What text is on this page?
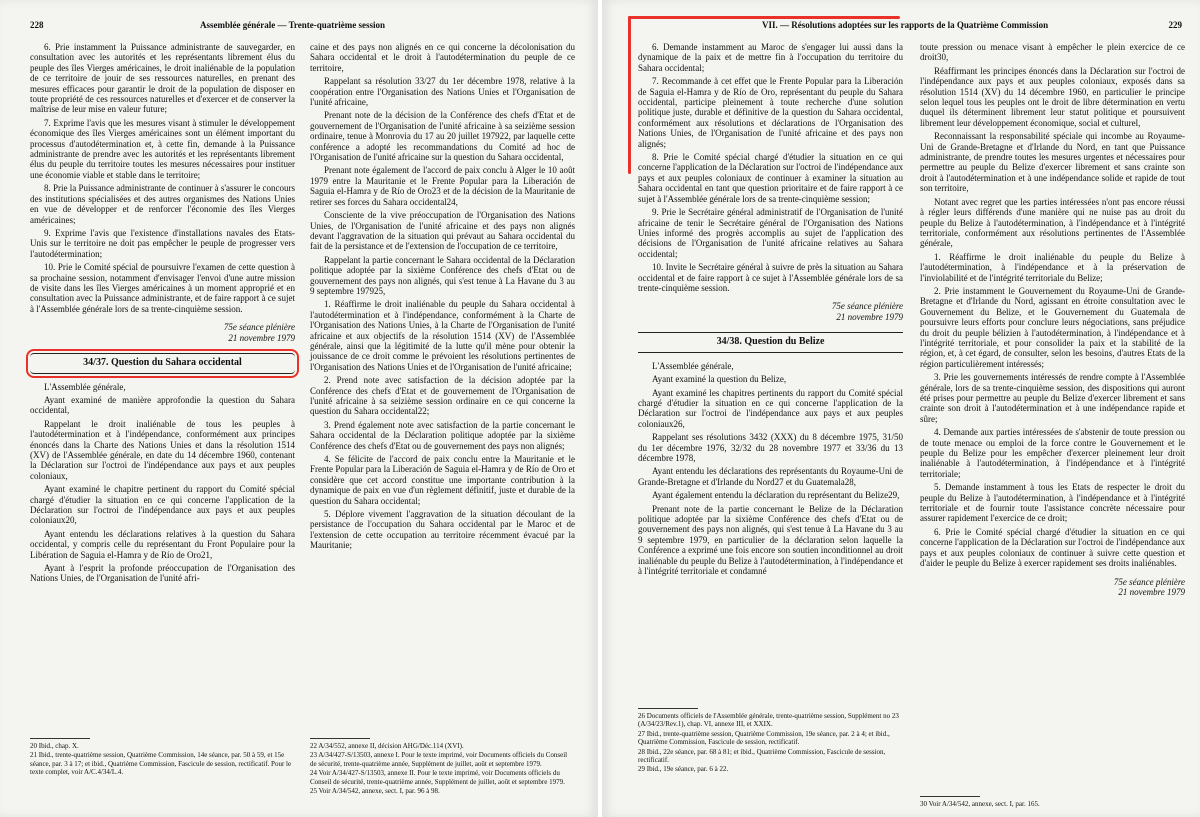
228	Assemblée générale — Trente-quatrième session

6. Prie instamment la Puissance administrante de sauvegarder, en consultation avec les autorités et les représentants librement élus du peuple des îles Vierges américaines, le droit inaliénable de la population de ce territoire de jouir de ses ressources naturelles, en prenant des mesures efficaces pour garantir le droit de la population de disposer en toute propriété de ces ressources naturelles et d'exercer et de conserver la maîtrise de leur mise en valeur future;

7. Exprime l'avis que les mesures visant à stimuler le développement économique des îles Vierges américaines sont un élément important du processus d'autodétermination et, à cette fin, demande à la Puissance administrante de prendre avec les autorités et les représentants librement élus du peuple du territoire toutes les mesures nécessaires pour instituer une économie viable et stable dans le territoire;

8. Prie la Puissance administrante de continuer à s'assurer le concours des institutions spécialisées et des autres organismes des Nations Unies en vue de développer et de renforcer l'économie des îles Vierges américaines;

9. Exprime l'avis que l'existence d'installations navales des Etats-Unis sur le territoire ne doit pas empêcher le peuple de progresser vers l'autodétermination;

10. Prie le Comité spécial de poursuivre l'examen de cette question à sa prochaine session, notamment d'envisager l'envoi d'une autre mission de visite dans les îles Vierges américaines à un moment approprié et en consultation avec la Puissance administrante, et de faire rapport à ce sujet à l'Assemblée générale lors de sa trente-cinquième session.

75e séance plénière
21 novembre 1979
34/37. Question du Sahara occidental

L'Assemblée générale,

Ayant examiné de manière approfondie la question du Sahara occidental,

Rappelant le droit inaliénable de tous les peuples à l'autodétermination et à l'indépendance, conformément aux principes énoncés dans la Charte des Nations Unies et dans la résolution 1514 (XV) de l'Assemblée générale, en date du 14 décembre 1960, contenant la Déclaration sur l'octroi de l'indépendance aux pays et aux peuples coloniaux,

Ayant examiné le chapitre pertinent du rapport du Comité spécial chargé d'étudier la situation en ce qui concerne l'application de la Déclaration sur l'octroi de l'indépendance aux pays et aux peuples coloniaux20,

Ayant entendu les déclarations relatives à la question du Sahara occidental, y compris celle du représentant du Front Populaire pour la Libération de Saguia el-Hamra y de Río de Oro21,

Ayant à l'esprit la profonde préoccupation de l'Organisation des Nations Unies, de l'Organisation de l'unité afri-

caine et des pays non alignés en ce qui concerne la décolonisation du Sahara occidental et le droit à l'autodétermination du peuple de ce territoire,

Rappelant sa résolution 33/27 du 1er décembre 1978, relative à la coopération entre l'Organisation des Nations Unies et l'Organisation de l'unité africaine,

Prenant note de la décision de la Conférence des chefs d'Etat et de gouvernement de l'Organisation de l'unité africaine à sa seizième session ordinaire, tenue à Monrovia du 17 au 20 juillet 197922, par laquelle cette conférence a adopté les recommandations du Comité ad hoc de l'Organisation de l'unité africaine sur la question du Sahara occidental,

Prenant note également de l'accord de paix conclu à Alger le 10 août 1979 entre la Mauritanie et le Frente Popular para la Liberación de Saguia el-Hamra y de Río de Oro23 et de la décision de la Mauritanie de retirer ses forces du Sahara occidental24,

Consciente de la vive préoccupation de l'Organisation des Nations Unies, de l'Organisation de l'unité africaine et des pays non alignés devant l'aggravation de la situation qui prévaut au Sahara occidental du fait de la persistance et de l'extension de l'occupation de ce territoire,

Rappelant la partie concernant le Sahara occidental de la Déclaration politique adoptée par la sixième Conférence des chefs d'Etat ou de gouvernement des pays non alignés, qui s'est tenue à La Havane du 3 au 9 septembre 197925,

1. Réaffirme le droit inaliénable du peuple du Sahara occidental à l'autodétermination et à l'indépendance, conformément à la Charte de l'Organisation des Nations Unies, à la Charte de l'Organisation de l'unité africaine et aux objectifs de la résolution 1514 (XV) de l'Assemblée générale, ainsi que la légitimité de la lutte qu'il mène pour obtenir la jouissance de ce droit comme le prévoient les résolutions pertinentes de l'Organisation des Nations Unies et de l'Organisation de l'unité africaine;

2. Prend note avec satisfaction de la décision adoptée par la Conférence des chefs d'Etat et de gouvernement de l'Organisation de l'unité africaine à sa seizième session ordinaire en ce qui concerne la question du Sahara occidental22;

3. Prend également note avec satisfaction de la partie concernant le Sahara occidental de la Déclaration politique adoptée par la sixième Conférence des chefs d'Etat ou de gouvernement des pays non alignés;

4. Se félicite de l'accord de paix conclu entre la Mauritanie et le Frente Popular para la Liberación de Saguia el-Hamra y de Río de Oro et considère que cet accord constitue une importante contribution à la dynamique de paix en vue d'un règlement définitif, juste et durable de la question du Sahara occidental;

5. Déplore vivement l'aggravation de la situation découlant de la persistance de l'occupation du Sahara occidental par le Maroc et de l'extension de cette occupation au territoire récemment évacué par la Mauritanie;

20 Ibid., chap. X.

21 Ibid., trente-quatrième session, Quatrième Commission, 14e séance, par. 50 à 59, et 15e séance, par. 3 à 17; et ibid., Quatrième Commission, Fascicule de session, rectificatif. Pour le texte complet, voir A/C.4/34/L.4.

22 A/34/552, annexe II, décision AHG/Déc.114 (XVI).

23 A/34/427-S/13503, annexe I. Pour le texte imprimé, voir Documents officiels du Conseil de sécurité, trente-quatrième année, Supplément de juillet, août et septembre 1979.

24 Voir A/34/427-S/13503, annexe II. Pour le texte imprimé, voir Documents officiels du Conseil de sécurité, trente-quatrième année, Supplément de juillet, août et septembre 1979.

25 Voir A/34/542, annexe, sect. I, par. 96 à 98.

VII. — Résolutions adoptées sur les rapports de la Quatrième Commission	229

6. Demande instamment au Maroc de s'engager lui aussi dans la dynamique de la paix et de mettre fin à l'occupation du territoire du Sahara occidental;

7. Recommande à cet effet que le Frente Popular para la Liberación de Saguia el-Hamra y de Río de Oro, représentant du peuple du Sahara occidental, participe pleinement à toute recherche d'une solution politique juste, durable et définitive de la question du Sahara occidental, conformément aux résolutions et déclarations de l'Organisation des Nations Unies, de l'Organisation de l'unité africaine et des pays non alignés;

8. Prie le Comité spécial chargé d'étudier la situation en ce qui concerne l'application de la Déclaration sur l'octroi de l'indépendance aux pays et aux peuples coloniaux de continuer à examiner la situation au Sahara occidental en tant que question prioritaire et de faire rapport à ce sujet à l'Assemblée générale lors de sa trente-cinquième session;

9. Prie le Secrétaire général administratif de l'Organisation de l'unité africaine de tenir le Secrétaire général de l'Organisation des Nations Unies informé des progrès accomplis au sujet de l'application des décisions de l'Organisation de l'unité africaine relatives au Sahara occidental;

10. Invite le Secrétaire général à suivre de près la situation au Sahara occidental et de faire rapport à ce sujet à l'Assemblée générale lors de sa trente-cinquième session.

75e séance plénière
21 novembre 1979
34/38. Question du Belize

L'Assemblée générale,

Ayant examiné la question du Belize,

Ayant examiné les chapitres pertinents du rapport du Comité spécial chargé d'étudier la situation en ce qui concerne l'application de la Déclaration sur l'octroi de l'indépendance aux pays et aux peuples coloniaux26,

Rappelant ses résolutions 3432 (XXX) du 8 décembre 1975, 31/50 du 1er décembre 1976, 32/32 du 28 novembre 1977 et 33/36 du 13 décembre 1978,

Ayant entendu les déclarations des représentants du Royaume-Uni de Grande-Bretagne et d'Irlande du Nord27 et du Guatemala28,

Ayant également entendu la déclaration du représentant du Belize29,

Prenant note de la partie concernant le Belize de la Déclaration politique adoptée par la sixième Conférence des chefs d'Etat ou de gouvernement des pays non alignés, qui s'est tenue à La Havane du 3 au 9 septembre 1979, en particulier de la déclaration selon laquelle la Conférence a exprimé une fois encore son soutien inconditionnel au droit inaliénable du peuple du Belize à l'autodétermination, à l'indépendance et à l'intégrité territoriale et condamné

toute pression ou menace visant à empêcher le plein exercice de ce droit30,

Réaffirmant les principes énoncés dans la Déclaration sur l'octroi de l'indépendance aux pays et aux peuples coloniaux, exposés dans sa résolution 1514 (XV) du 14 décembre 1960, en particulier le principe selon lequel tous les peuples ont le droit de libre détermination en vertu duquel ils déterminent librement leur statut politique et poursuivent librement leur développement économique, social et culturel,

Reconnaissant la responsabilité spéciale qui incombe au Royaume-Uni de Grande-Bretagne et d'Irlande du Nord, en tant que Puissance administrante, de prendre toutes les mesures urgentes et nécessaires pour permettre au peuple du Belize d'exercer librement et sans crainte son droit à l'autodétermination et à une indépendance solide et rapide de tout son territoire,

Notant avec regret que les parties intéressées n'ont pas encore réussi à régler leurs différends d'une manière qui ne nuise pas au droit du peuple du Belize à l'autodétermination, à l'indépendance et à l'intégrité territoriale, conformément aux résolutions pertinentes de l'Assemblée générale,

1. Réaffirme le droit inaliénable du peuple du Belize à l'autodétermination, à l'indépendance et à la préservation de l'inviolabilité et de l'intégrité territoriale du Belize;

2. Prie instamment le Gouvernement du Royaume-Uni de Grande-Bretagne et d'Irlande du Nord, agissant en étroite consultation avec le Gouvernement du Belize, et le Gouvernement du Guatemala de poursuivre leurs efforts pour conclure leurs négociations, sans préjudice du droit du peuple bélizien à l'autodétermination, à l'indépendance et à l'intégrité territoriale, et pour consolider la paix et la stabilité de la région, et, à cet égard, de consulter, selon les besoins, d'autres Etats de la région particulièrement intéressés;

3. Prie les gouvernements intéressés de rendre compte à l'Assemblée générale, lors de sa trente-cinquième session, des dispositions qui auront été prises pour permettre au peuple du Belize d'exercer librement et sans crainte son droit à l'autodétermination et à une indépendance rapide et sûre;

4. Demande aux parties intéressées de s'abstenir de toute pression ou de toute menace ou emploi de la force contre le Gouvernement et le peuple du Belize pour les empêcher d'exercer pleinement leur droit inaliénable à l'autodétermination, à l'indépendance et à l'intégrité territoriale;

5. Demande instamment à tous les Etats de respecter le droit du peuple du Belize à l'autodétermination, à l'indépendance et à l'intégrité territoriale et de fournir toute l'assistance concrète nécessaire pour assurer rapidement l'exercice de ce droit;

6. Prie le Comité spécial chargé d'étudier la situation en ce qui concerne l'application de la Déclaration sur l'octroi de l'indépendance aux pays et aux peuples coloniaux de continuer à suivre cette question et d'aider le peuple du Belize à exercer rapidement ses droits inaliénables.

75e séance plénière
21 novembre 1979

26 Documents officiels de l'Assemblée générale, trente-quatrième session, Supplément no 23 (A/34/23/Rev.1), chap. VI, annexe III, et XXIX.

27 Ibid., trente-quatrième session, Quatrième Commission, 19e séance, par. 2 à 4; et ibid., Quatrième Commission, Fascicule de session, rectificatif.

28 Ibid., 22e séance, par. 68 à 81; et ibid., Quatrième Commission, Fascicule de session, rectificatif.

29 Ibid., 19e séance, par. 6 à 22.

30 Voir A/34/542, annexe, sect. I, par. 165.
